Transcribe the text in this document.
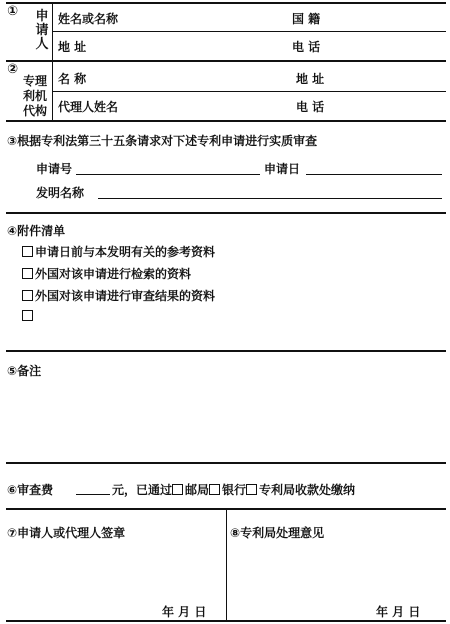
① 申
请
人
姓名或名称	国 籍
地 址	电 话
②
专理
利机
代构
名 称	地 址
代理人姓名	电 话
③根据专利法第三十五条请求对下述专利申请进行实质审查
申请号	申请日
发明名称
④附件清单
申请日前与本发明有关的参考资料
外国对该申请进行检索的资料
外国对该申请进行审查结果的资料
⑤备注
⑥审查费	元，已通过 邮局 银行 专利局收款处缴纳
⑦申请人或代理人签章
年 月 日
⑧专利局处理意见
年 月 日
